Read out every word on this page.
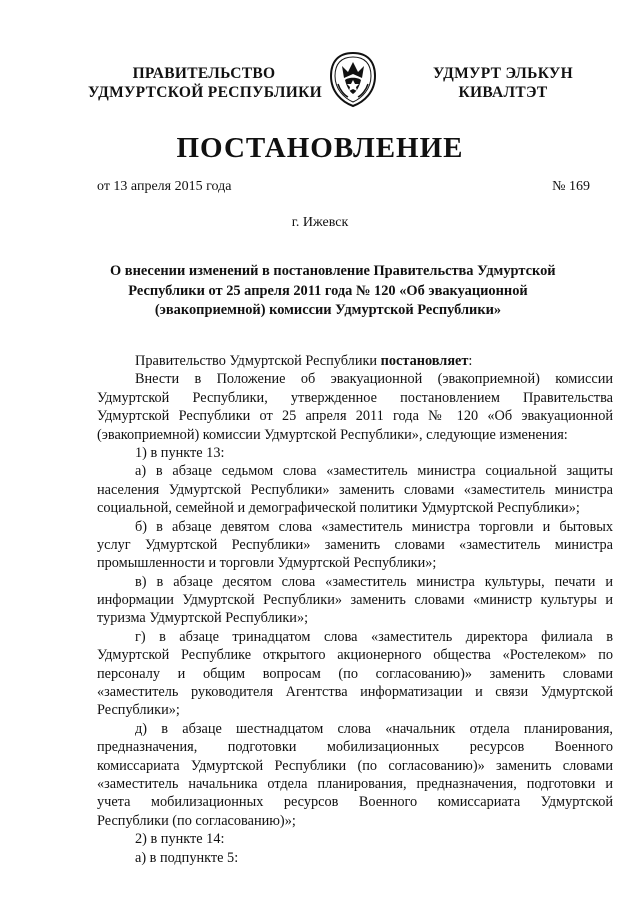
ПРАВИТЕЛЬСТВО
УДМУРТСКОЙ РЕСПУБЛИКИ
УДМУРТ ЭЛЬКУН
КИВАЛТЭТ
ПОСТАНОВЛЕНИЕ
от 13 апреля 2015 года	№ 169
г. Ижевск
О внесении изменений в постановление Правительства Удмуртской
Республики от 25 апреля 2011 года № 120 «Об эвакуационной
(эвакоприемной) комиссии Удмуртской Республики»
Правительство Удмуртской Республики постановляет:
Внести в Положение об эвакуационной (эвакоприемной) комиссии
Удмуртской Республики, утвержденное постановлением Правительства
Удмуртской Республики от 25 апреля 2011 года № 120 «Об эвакуационной
(эвакоприемной) комиссии Удмуртской Республики», следующие изменения:
1) в пункте 13:
а) в абзаце седьмом слова «заместитель министра социальной защиты
населения Удмуртской Республики» заменить словами «заместитель министра
социальной, семейной и демографической политики Удмуртской Республики»;
б) в абзаце девятом слова «заместитель министра торговли и бытовых
услуг Удмуртской Республики» заменить словами «заместитель министра
промышленности и торговли Удмуртской Республики»;
в) в абзаце десятом слова «заместитель министра культуры, печати и
информации Удмуртской Республики» заменить словами «министр культуры и
туризма Удмуртской Республики»;
г) в абзаце тринадцатом слова «заместитель директора филиала в
Удмуртской Республике открытого акционерного общества «Ростелеком» по
персоналу и общим вопросам (по согласованию)» заменить словами
«заместитель руководителя Агентства информатизации и связи Удмуртской
Республики»;
д) в абзаце шестнадцатом слова «начальник отдела планирования,
предназначения, подготовки мобилизационных ресурсов Военного
комиссариата Удмуртской Республики (по согласованию)» заменить словами
«заместитель начальника отдела планирования, предназначения, подготовки и
учета мобилизационных ресурсов Военного комиссариата Удмуртской
Республики (по согласованию)»;
2) в пункте 14:
а) в подпункте 5:
